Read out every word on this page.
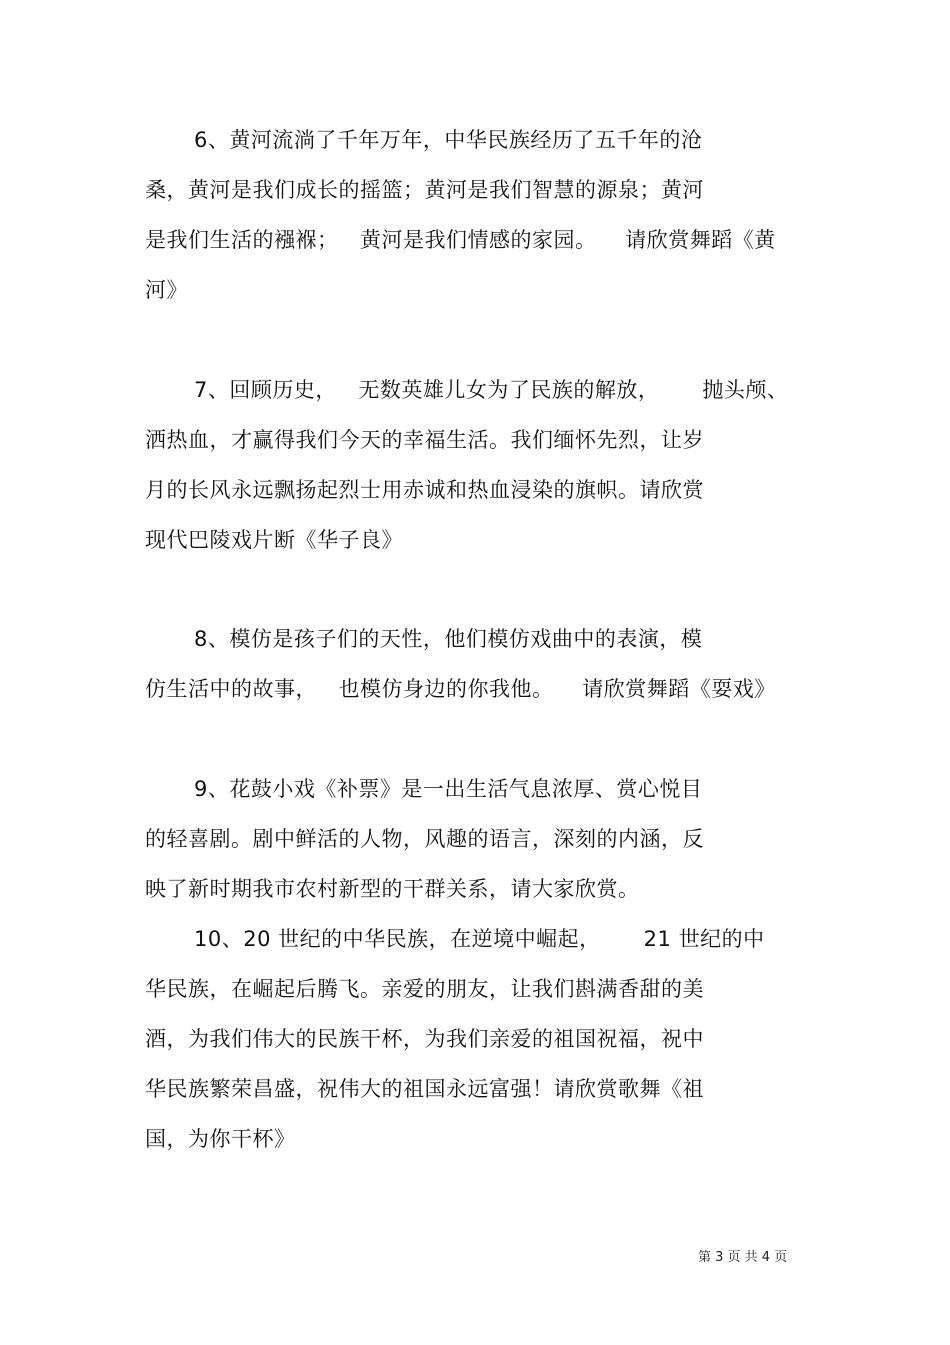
6、黄河流淌了千年万年，中华民族经历了五千年的沧
桑，黄河是我们成长的摇篮；黄河是我们智慧的源泉；黄河
是我们生活的襁褓；   黄河是我们情感的家园。    请欣赏舞蹈《黄
河》
7、回顾历史，   无数英雄儿女为了民族的解放，      抛头颅、
洒热血，才赢得我们今天的幸福生活。我们缅怀先烈，让岁
月的长风永远飘扬起烈士用赤诚和热血浸染的旗帜。请欣赏
现代巴陵戏片断《华子良》
8、模仿是孩子们的天性，他们模仿戏曲中的表演，模
仿生活中的故事，   也模仿身边的你我他。    请欣赏舞蹈《耍戏》
9、花鼓小戏《补票》是一出生活气息浓厚、赏心悦目
的轻喜剧。剧中鲜活的人物，风趣的语言，深刻的内涵，反
映了新时期我市农村新型的干群关系，请大家欣赏。
10、20 世纪的中华民族，在逆境中崛起，      21 世纪的中
华民族，在崛起后腾飞。亲爱的朋友，让我们斟满香甜的美
酒，为我们伟大的民族干杯，为我们亲爱的祖国祝福，祝中
华民族繁荣昌盛，祝伟大的祖国永远富强！请欣赏歌舞《祖
国，为你干杯》
第 3 页 共 4 页
